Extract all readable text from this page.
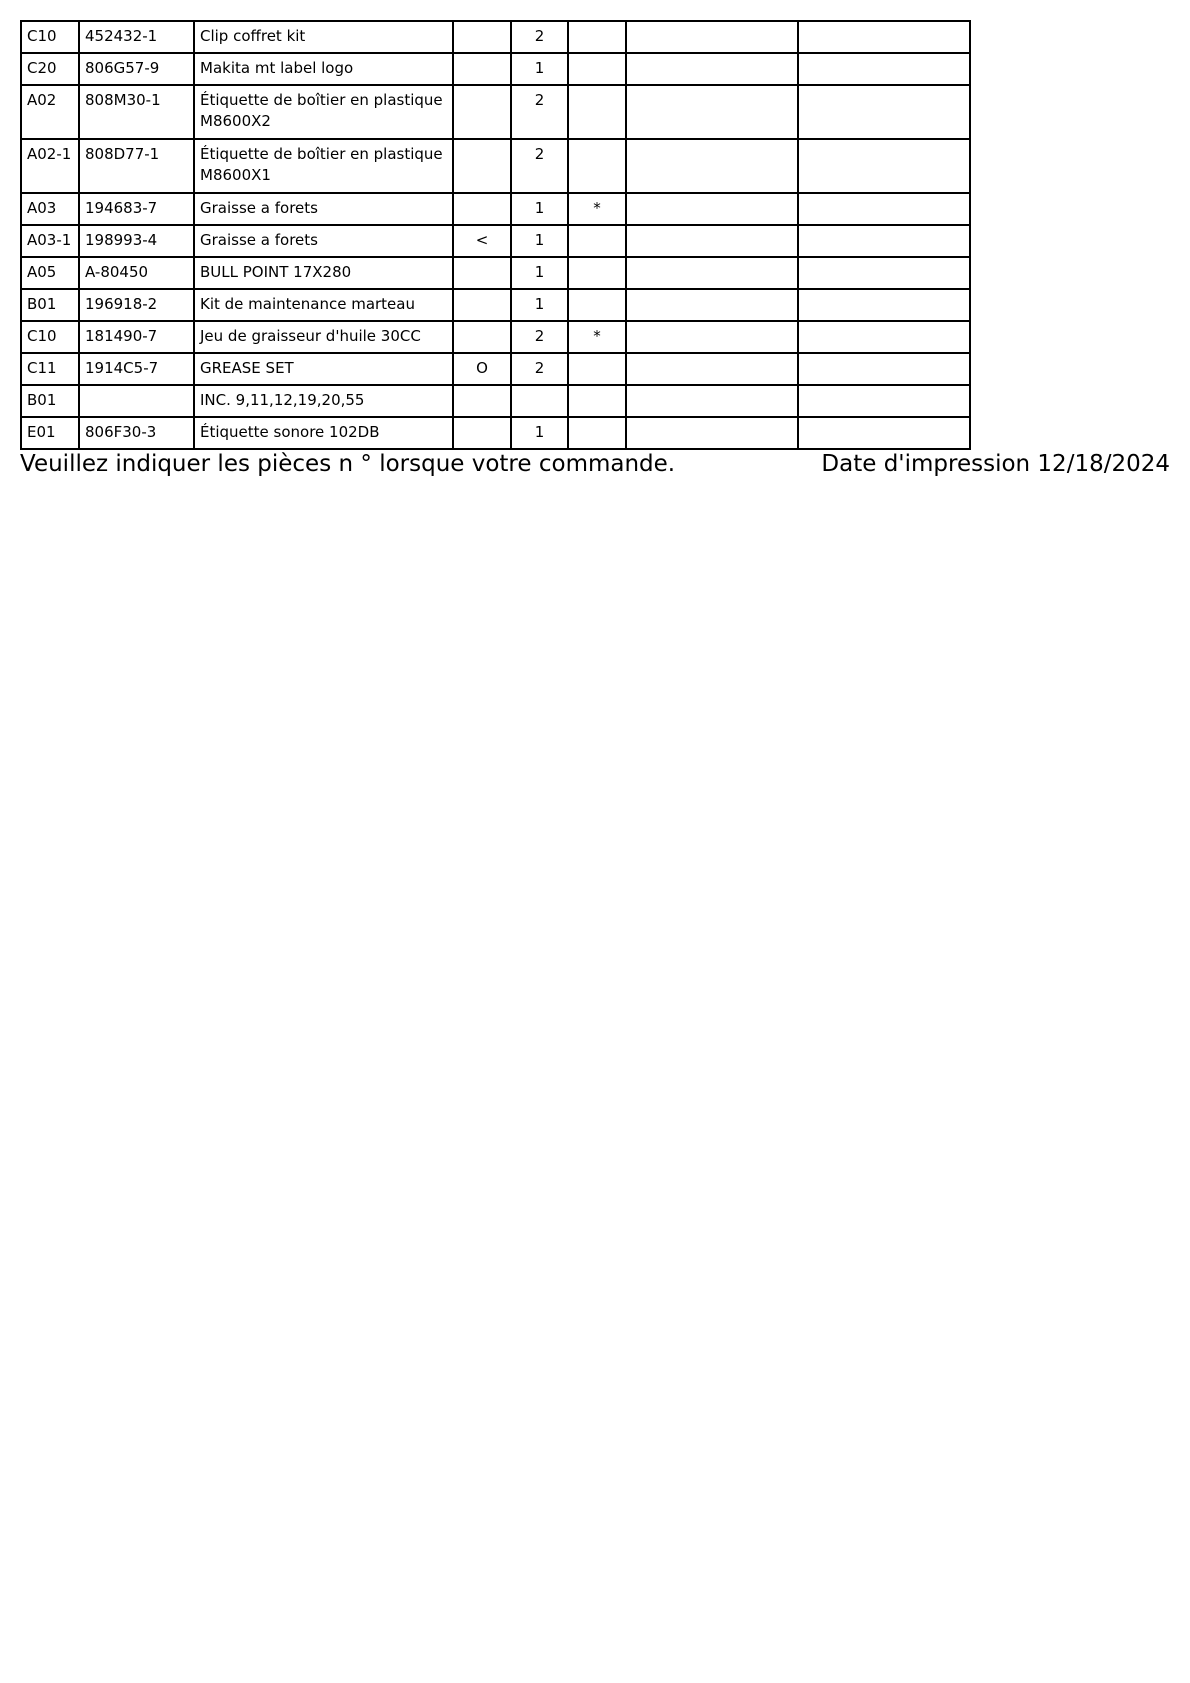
C10	452432-1	Clip coffret kit		2			
C20	806G57-9	Makita mt label logo		1			
A02	808M30-1	Étiquette de boîtier en plastique M8600X2		2			
A02-1	808D77-1	Étiquette de boîtier en plastique M8600X1		2			
A03	194683-7	Graisse a forets		1	*		
A03-1	198993-4	Graisse a forets	<	1			
A05	A-80450	BULL POINT 17X280		1			
B01	196918-2	Kit de maintenance marteau		1			
C10	181490-7	Jeu de graisseur d'huile 30CC		2	*		
C11	1914C5-7	GREASE SET	O	2			
B01		INC. 9,11,12,19,20,55					
E01	806F30-3	Étiquette sonore 102DB		1			
Veuillez indiquer les pièces n ° lorsque votre commande.	Date d'impression 12/18/2024
